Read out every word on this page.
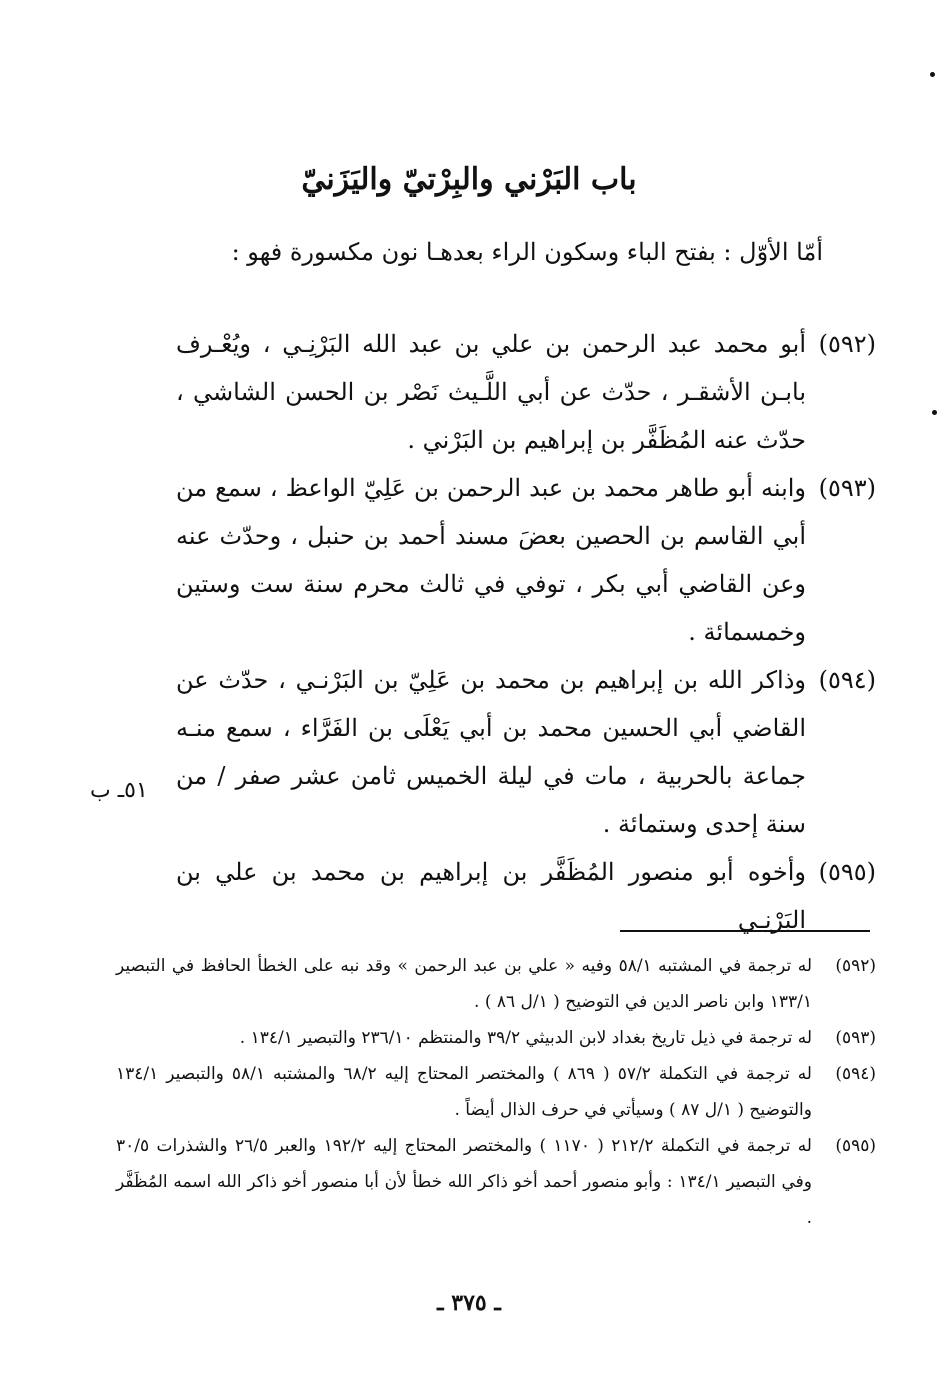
باب البَرْني والبِرْتيّ واليَزَنيّ
أمّا الأوّل : بفتح الباء وسكون الراء بعدهـا نون مكسورة فهو :
(٥٩٢)
أبو محمد عبد الرحمن بن علي بن عبد الله البَرْنِـي ، ويُعْـرف بابـن الأشقـر ، حدّث عن أبي اللَّـيث نَصْر بن الحسن الشاشي ، حدّث عنه المُظَفَّر بن إبراهيم بن البَرْني .
(٥٩٣)
وابنه أبو طاهر محمد بن عبد الرحمن بن عَلِيّ الواعظ ، سمع من أبي القاسم بن الحصين بعضَ مسند أحمد بن حنبل ، وحدّث عنه وعن القاضي أبي بكر ، توفي في ثالث محرم سنة ست وستين وخمسمائة .
(٥٩٤)
وذاكر الله بن إبراهيم بن محمد بن عَلِيّ بن البَرْنـي ، حدّث عن القاضي أبي الحسين محمد بن أبي يَعْلَى بن الفَرَّاء ، سمع منـه جماعة بالحربية ، مات في ليلة الخميس ثامن عشر صفر / من سنة إحدى وستمائة .
(٥٩٥)
وأخوه أبو منصور المُظَفَّر بن إبراهيم بن محمد بن علي بن البَرْنِـي
٥١ـ ب
(٥٩٢)
له ترجمة في المشتبه ٥٨/١ وفيه « علي بن عبد الرحمن » وقد نبه على الخطأ الحافظ في التبصير ١٣٣/١ وابن ناصر الدين في التوضيح ( ١/ل ٨٦ ) .
(٥٩٣)
له ترجمة في ذيل تاريخ بغداد لابن الدبيثي ٣٩/٢ والمنتظم ٢٣٦/١٠ والتبصير ١٣٤/١ .
(٥٩٤)
له ترجمة في التكملة ٥٧/٢ ( ٨٦٩ ) والمختصر المحتاج إليه ٦٨/٢ والمشتبه ٥٨/١ والتبصير ١٣٤/١ والتوضيح ( ١/ل ٨٧ ) وسيأتي في حرف الذال أيضاً .
(٥٩٥)
له ترجمة في التكملة ٢١٢/٢ ( ١١٧٠ ) والمختصر المحتاج إليه ١٩٢/٢ والعبر ٢٦/٥ والشذرات ٣٠/٥ وفي التبصير ١٣٤/١ : وأبو منصور أحمد أخو ذاكر الله خطأ لأن أبا منصور أخو ذاكر الله اسمه المُظَفَّر .
ـ ٣٧٥ ـ
